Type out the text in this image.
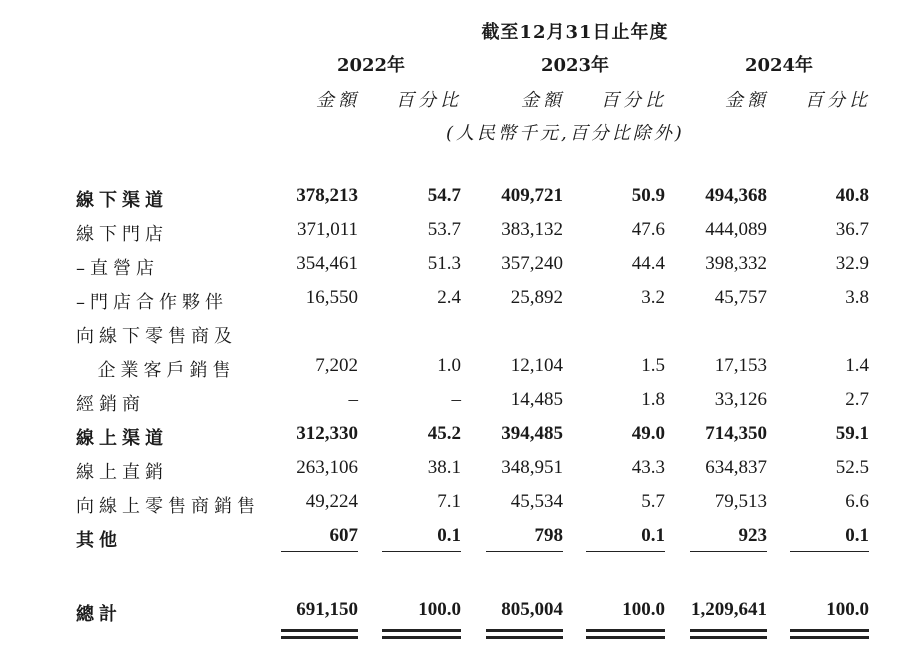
截至12月31日止年度
2022年	2023年	2024年
金額 百分比	金額 百分比	金額 百分比
(人民幣千元,百分比除外)
線下渠道	378,213	54.7	409,721	50.9	494,368	40.8
線下門店	371,011	53.7	383,132	47.6	444,089	36.7
–直營店	354,461	51.3	357,240	44.4	398,332	32.9
–門店合作夥伴	16,550	2.4	25,892	3.2	45,757	3.8
向線下零售商及
企業客戶銷售	7,202	1.0	12,104	1.5	17,153	1.4
經銷商	–	–	14,485	1.8	33,126	2.7
線上渠道	312,330	45.2	394,485	49.0	714,350	59.1
線上直銷	263,106	38.1	348,951	43.3	634,837	52.5
向線上零售商銷售	49,224	7.1	45,534	5.7	79,513	6.6
其他	607	0.1	798	0.1	923	0.1
總計	691,150	100.0	805,004	100.0	1,209,641	100.0
